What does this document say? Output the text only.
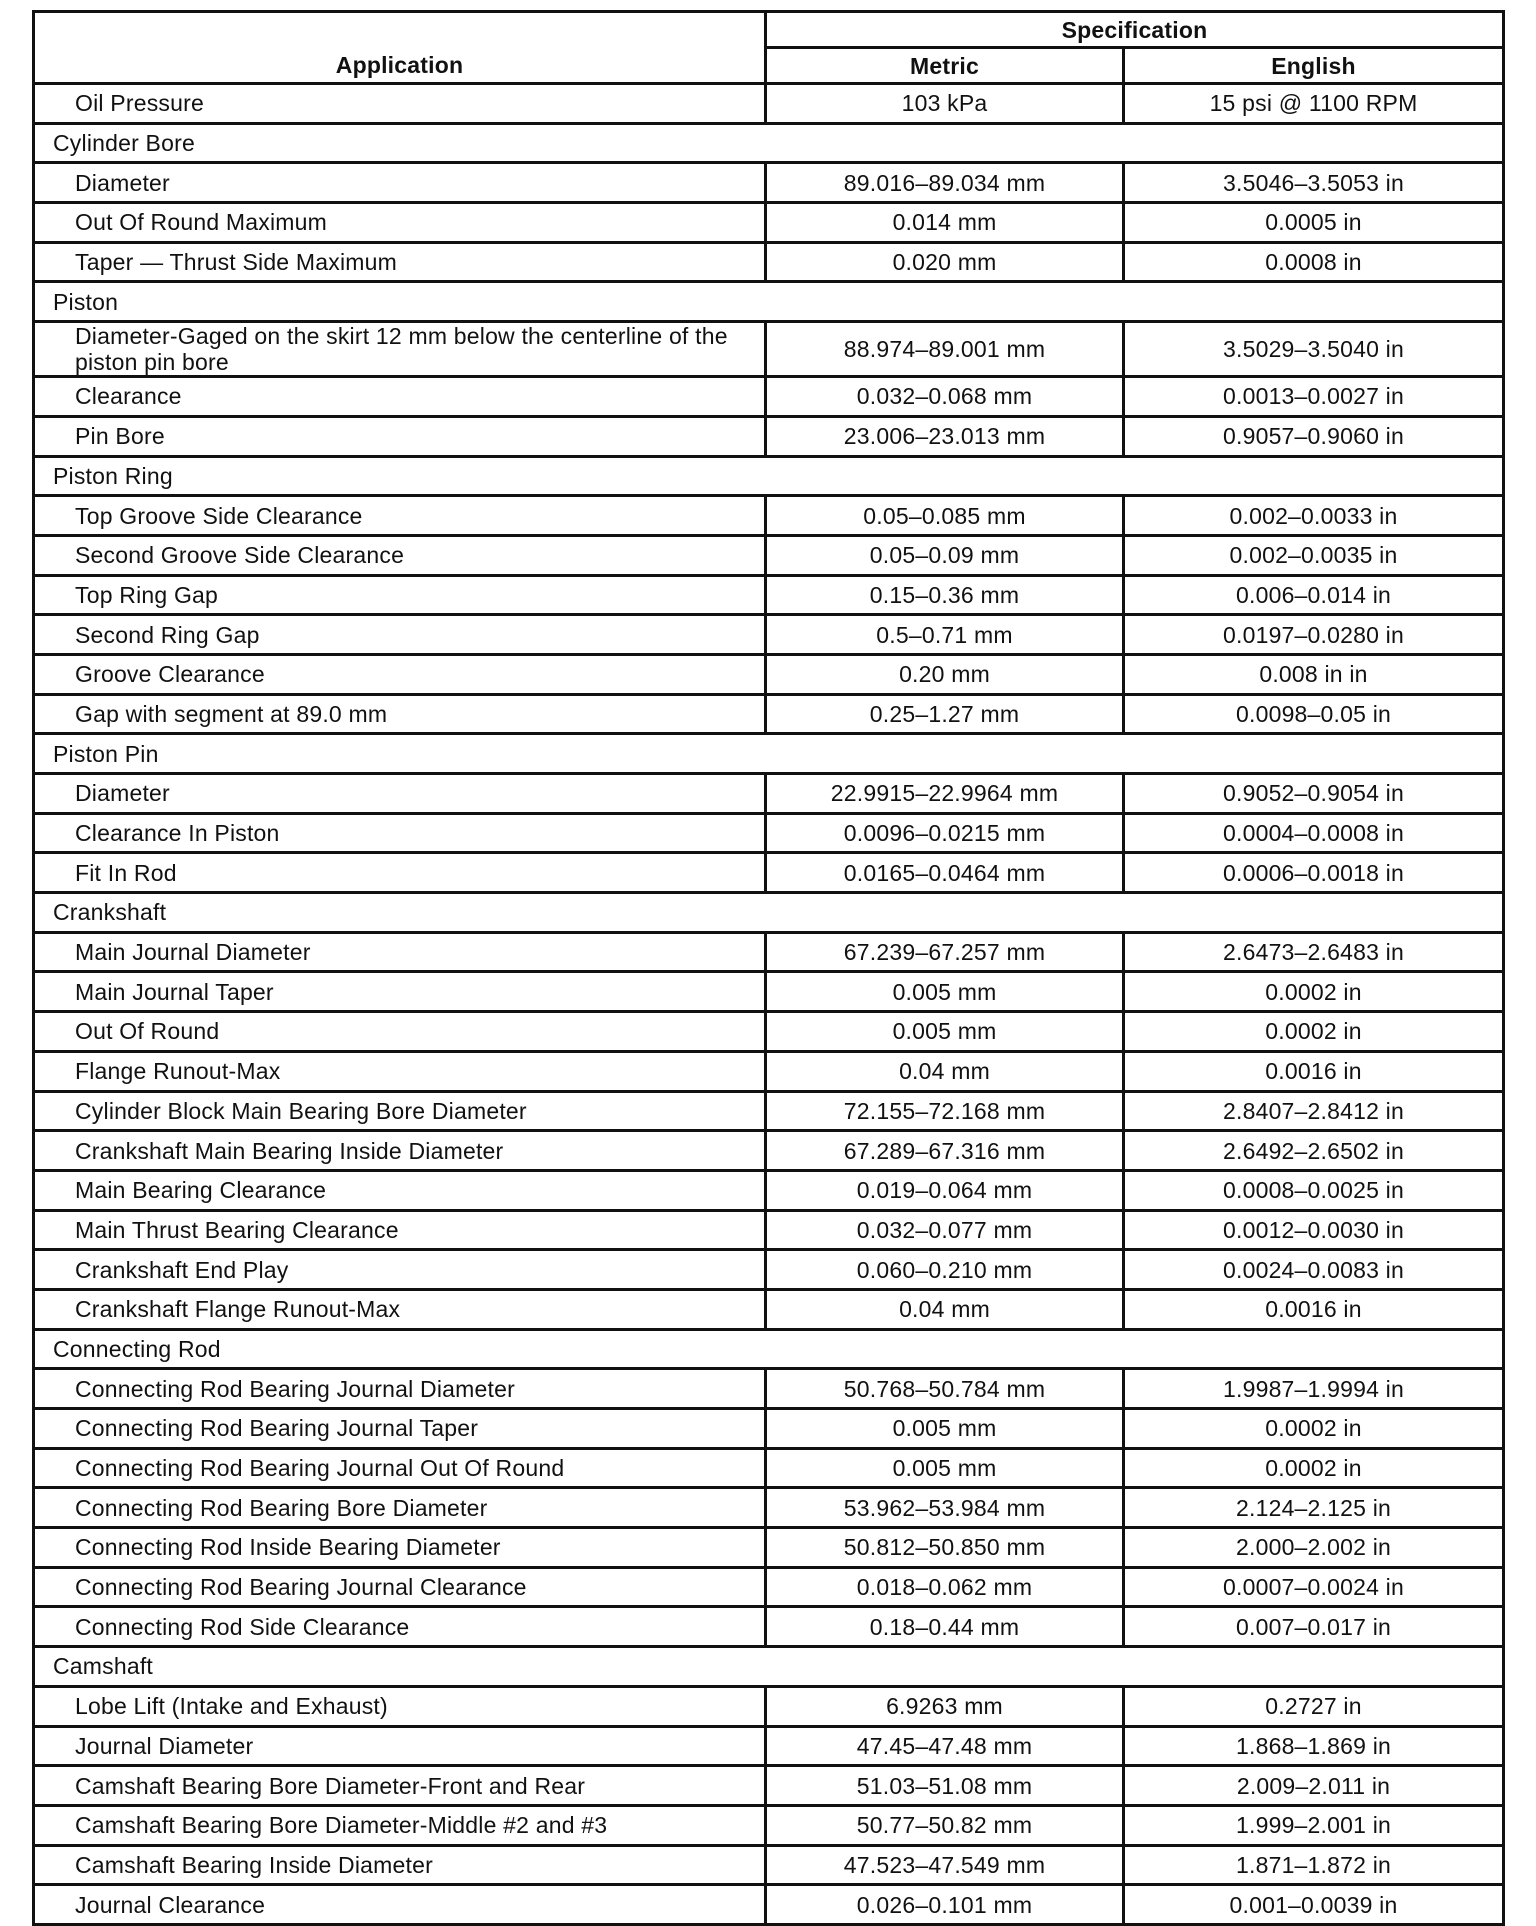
Application	Specification	
	Metric	English
Oil Pressure	103 kPa	15 psi @ 1100 RPM
Cylinder Bore		
Diameter	89.016–89.034 mm	3.5046–3.5053 in
Out Of Round Maximum	0.014 mm	0.0005 in
Taper — Thrust Side Maximum	0.020 mm	0.0008 in
Piston		
Diameter-Gaged on the skirt 12 mm below the centerline of the piston pin bore	88.974–89.001 mm	3.5029–3.5040 in
Clearance	0.032–0.068 mm	0.0013–0.0027 in
Pin Bore	23.006–23.013 mm	0.9057–0.9060 in
Piston Ring		
Top Groove Side Clearance	0.05–0.085 mm	0.002–0.0033 in
Second Groove Side Clearance	0.05–0.09 mm	0.002–0.0035 in
Top Ring Gap	0.15–0.36 mm	0.006–0.014 in
Second Ring Gap	0.5–0.71 mm	0.0197–0.0280 in
Groove Clearance	0.20 mm	0.008 in in
Gap with segment at 89.0 mm	0.25–1.27 mm	0.0098–0.05 in
Piston Pin		
Diameter	22.9915–22.9964 mm	0.9052–0.9054 in
Clearance In Piston	0.0096–0.0215 mm	0.0004–0.0008 in
Fit In Rod	0.0165–0.0464 mm	0.0006–0.0018 in
Crankshaft		
Main Journal Diameter	67.239–67.257 mm	2.6473–2.6483 in
Main Journal Taper	0.005 mm	0.0002 in
Out Of Round	0.005 mm	0.0002 in
Flange Runout-Max	0.04 mm	0.0016 in
Cylinder Block Main Bearing Bore Diameter	72.155–72.168 mm	2.8407–2.8412 in
Crankshaft Main Bearing Inside Diameter	67.289–67.316 mm	2.6492–2.6502 in
Main Bearing Clearance	0.019–0.064 mm	0.0008–0.0025 in
Main Thrust Bearing Clearance	0.032–0.077 mm	0.0012–0.0030 in
Crankshaft End Play	0.060–0.210 mm	0.0024–0.0083 in
Crankshaft Flange Runout-Max	0.04 mm	0.0016 in
Connecting Rod		
Connecting Rod Bearing Journal Diameter	50.768–50.784 mm	1.9987–1.9994 in
Connecting Rod Bearing Journal Taper	0.005 mm	0.0002 in
Connecting Rod Bearing Journal Out Of Round	0.005 mm	0.0002 in
Connecting Rod Bearing Bore Diameter	53.962–53.984 mm	2.124–2.125 in
Connecting Rod Inside Bearing Diameter	50.812–50.850 mm	2.000–2.002 in
Connecting Rod Bearing Journal Clearance	0.018–0.062 mm	0.0007–0.0024 in
Connecting Rod Side Clearance	0.18–0.44 mm	0.007–0.017 in
Camshaft		
Lobe Lift (Intake and Exhaust)	6.9263 mm	0.2727 in
Journal Diameter	47.45–47.48 mm	1.868–1.869 in
Camshaft Bearing Bore Diameter-Front and Rear	51.03–51.08 mm	2.009–2.011 in
Camshaft Bearing Bore Diameter-Middle #2 and #3	50.77–50.82 mm	1.999–2.001 in
Camshaft Bearing Inside Diameter	47.523–47.549 mm	1.871–1.872 in
Journal Clearance	0.026–0.101 mm	0.001–0.0039 in
